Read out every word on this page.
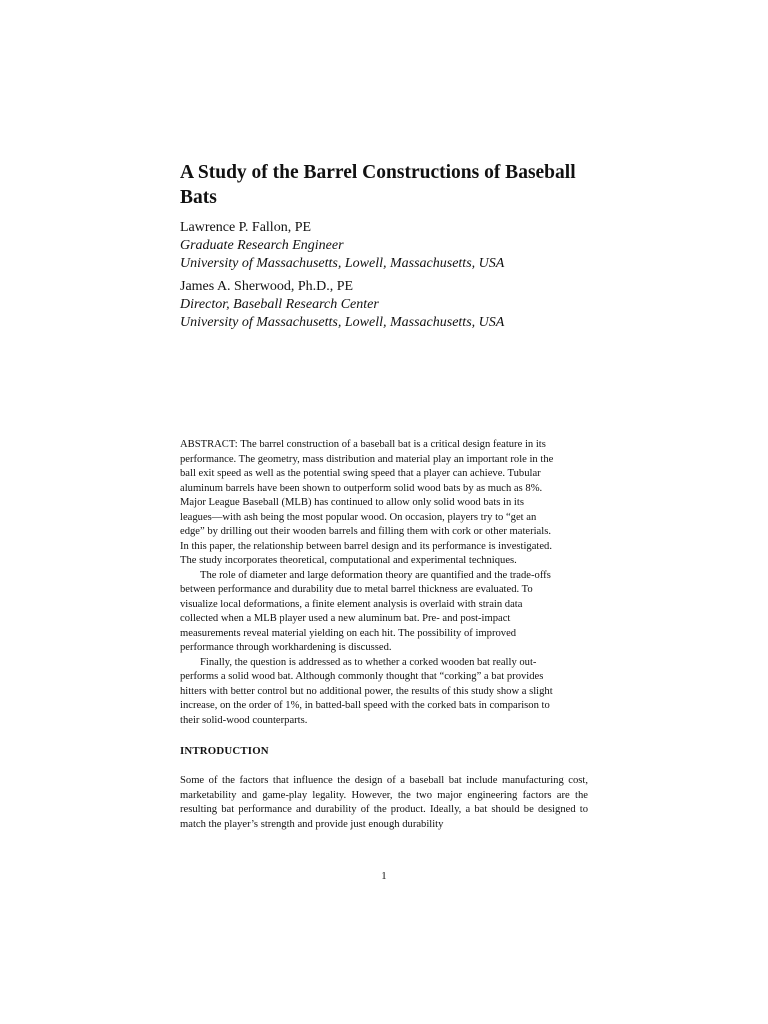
A Study of the Barrel Constructions of Baseball Bats

Lawrence P. Fallon, PE

Graduate Research Engineer

University of Massachusetts, Lowell, Massachusetts, USA

James A. Sherwood, Ph.D., PE

Director, Baseball Research Center

University of Massachusetts, Lowell, Massachusetts, USA

ABSTRACT: The barrel construction of a baseball bat is a critical design feature in its performance. The geometry, mass distribution and material play an important role in the ball exit speed as well as the potential swing speed that a player can achieve. Tubular aluminum barrels have been shown to outperform solid wood bats by as much as 8%. Major League Baseball (MLB) has continued to allow only solid wood bats in its leagues—with ash being the most popular wood. On occasion, players try to “get an edge” by drilling out their wooden barrels and filling them with cork or other materials. In this paper, the relationship between barrel design and its performance is investigated. The study incorporates theoretical, computational and experimental techniques.

The role of diameter and large deformation theory are quantified and the trade-offs between performance and durability due to metal barrel thickness are evaluated. To visualize local deformations, a finite element analysis is overlaid with strain data collected when a MLB player used a new aluminum bat. Pre- and post-impact measurements reveal material yielding on each hit. The possibility of improved performance through workhardening is discussed.

Finally, the question is addressed as to whether a corked wooden bat really out-performs a solid wood bat. Although commonly thought that “corking” a bat provides hitters with better control but no additional power, the results of this study show a slight increase, on the order of 1%, in batted-ball speed with the corked bats in comparison to their solid-wood counterparts.

INTRODUCTION

Some of the factors that influence the design of a baseball bat include manufacturing cost, marketability and game-play legality. However, the two major engineering factors are the resulting bat performance and durability of the product. Ideally, a bat should be designed to match the player’s strength and provide just enough durability

1
